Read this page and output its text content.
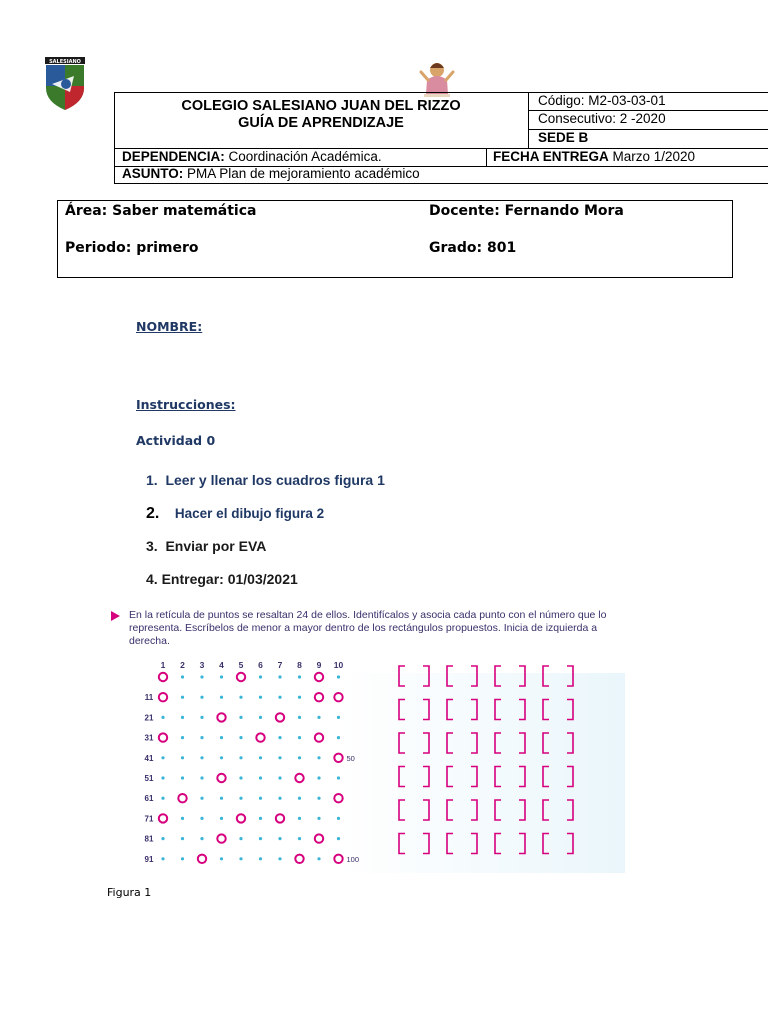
SALESIANO
COLEGIO SALESIANO JUAN DEL RIZZO
GUÍA DE APRENDIZAJE
Código: M2-03-03-01
Consecutivo: 2 -2020
SEDE B
DEPENDENCIA: Coordinación Académica.	FECHA ENTREGA Marzo 1/2020
ASUNTO: PMA Plan de mejoramiento académico
Área: Saber matemática	Docente: Fernando Mora
Periodo: primero	Grado: 801
NOMBRE:
Instrucciones:
Actividad 0
1. Leer y llenar los cuadros figura 1
2. Hacer el dibujo figura 2
3. Enviar por EVA
4. Entregar: 01/03/2021
En la retícula de puntos se resaltan 24 de ellos. Identifícalos y asocia cada punto con el número que lo representa. Escríbelos de menor a mayor dentro de los rectángulos propuestos. Inicia de izquierda a derecha.
1 2 3 4 5 6 7 8 9 10
11
21
31
41
51
61
71
81
91
50
100
Figura 1
